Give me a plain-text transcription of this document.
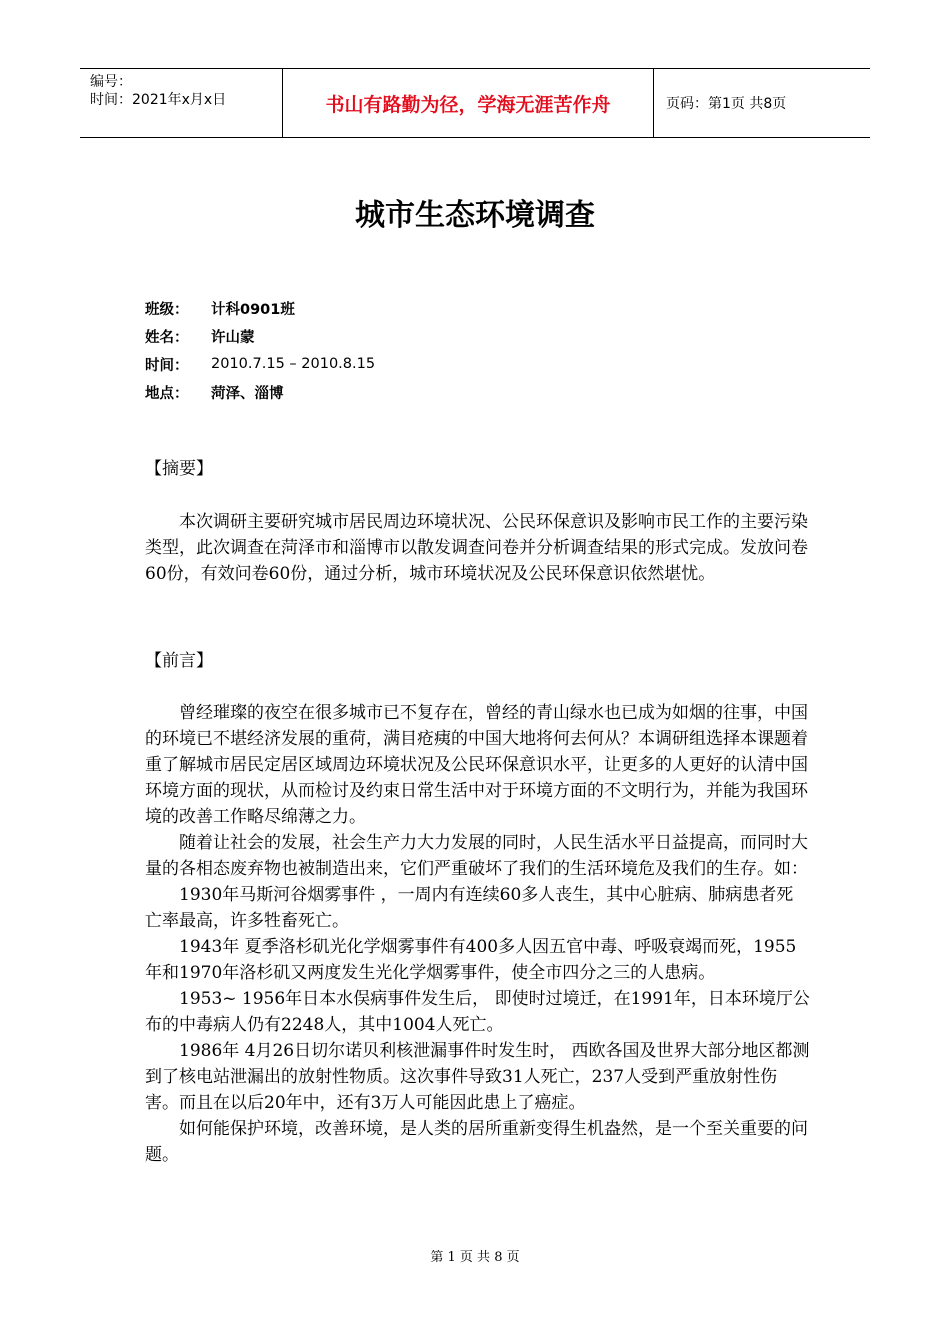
编号：
时间：2021年x月x日	书山有路勤为径，学海无涯苦作舟	页码：第1页 共8页
城市生态环境调查
班级：	计科0901班
姓名：	许山蒙
时间：	2010.7.15 – 2010.8.15
地点：	菏泽、淄博
【摘要】

　　本次调研主要研究城市居民周边环境状况、公民环保意识及影响市民工作的主要污染类型，此次调查在菏泽市和淄博市以散发调查问卷并分析调查结果的形式完成。发放问卷60份，有效问卷60份，通过分析，城市环境状况及公民环保意识依然堪忧。

【前言】

　　曾经璀璨的夜空在很多城市已不复存在，曾经的青山绿水也已成为如烟的往事，中国的环境已不堪经济发展的重荷，满目疮痍的中国大地将何去何从？本调研组选择本课题着重了解城市居民定居区域周边环境状况及公民环保意识水平，让更多的人更好的认清中国环境方面的现状，从而检讨及约束日常生活中对于环境方面的不文明行为，并能为我国环境的改善工作略尽绵薄之力。

　　随着让社会的发展，社会生产力大力发展的同时，人民生活水平日益提高，而同时大量的各相态废弃物也被制造出来，它们严重破坏了我们的生活环境危及我们的生存。如：

　　1930年马斯河谷烟雾事件 ，一周内有连续60多人丧生，其中心脏病、肺病患者死亡率最高，许多牲畜死亡。

　　1943年 夏季洛杉矶光化学烟雾事件有400多人因五官中毒、呼吸衰竭而死，1955年和1970年洛杉矶又两度发生光化学烟雾事件，使全市四分之三的人患病。

　　1953~ 1956年日本水俣病事件发生后， 即使时过境迁，在1991年，日本环境厅公布的中毒病人仍有2248人，其中1004人死亡。

　　1986年 4月26日切尔诺贝利核泄漏事件时发生时， 西欧各国及世界大部分地区都测到了核电站泄漏出的放射性物质。这次事件导致31人死亡，237人受到严重放射性伤害。而且在以后20年中，还有3万人可能因此患上了癌症。

　　如何能保护环境，改善环境，是人类的居所重新变得生机盎然，是一个至关重要的问题。

第 1 页 共 8 页
